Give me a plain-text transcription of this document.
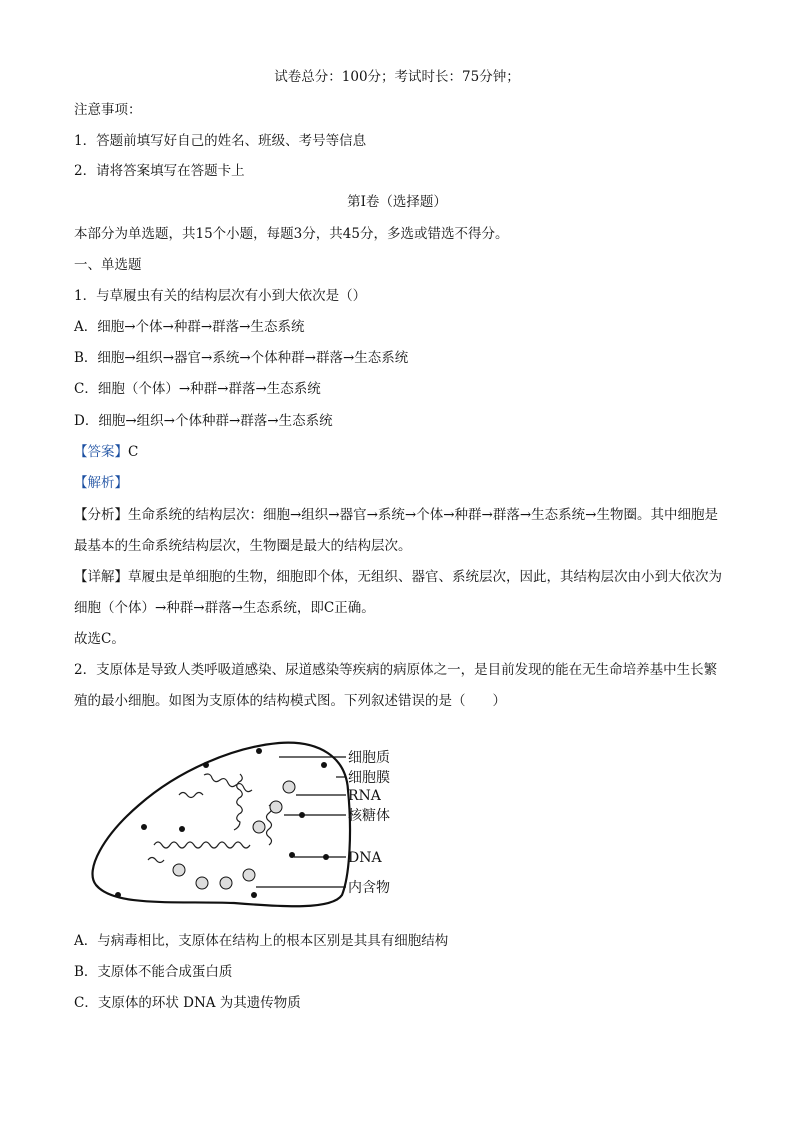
试卷总分：100分；考试时长：75分钟；
注意事项：
1．答题前填写好自己的姓名、班级、考号等信息
2．请将答案填写在答题卡上
第Ⅰ卷（选择题）
本部分为单选题，共15个小题，每题3分，共45分，多选或错选不得分。
一、单选题
1．与草履虫有关的结构层次有小到大依次是（）
A．细胞→个体→种群→群落→生态系统
B．细胞→组织→器官→系统→个体种群→群落→生态系统
C．细胞（个体）→种群→群落→生态系统
D．细胞→组织→个体种群→群落→生态系统
【答案】C
【解析】
【分析】生命系统的结构层次：细胞→组织→器官→系统→个体→种群→群落→生态系统→生物圈。其中细胞是最基本的生命系统结构层次，生物圈是最大的结构层次。
【详解】草履虫是单细胞的生物，细胞即个体，无组织、器官、系统层次，因此，其结构层次由小到大依次为细胞（个体）→种群→群落→生态系统，即C正确。
故选C。
2．支原体是导致人类呼吸道感染、尿道感染等疾病的病原体之一，是目前发现的能在无生命培养基中生长繁殖的最小细胞。如图为支原体的结构模式图。下列叙述错误的是（　　）
细胞质
细胞膜
RNA
核糖体
DNA
内含物
A．与病毒相比，支原体在结构上的根本区别是其具有细胞结构
B．支原体不能合成蛋白质
C．支原体的环状 DNA 为其遗传物质
